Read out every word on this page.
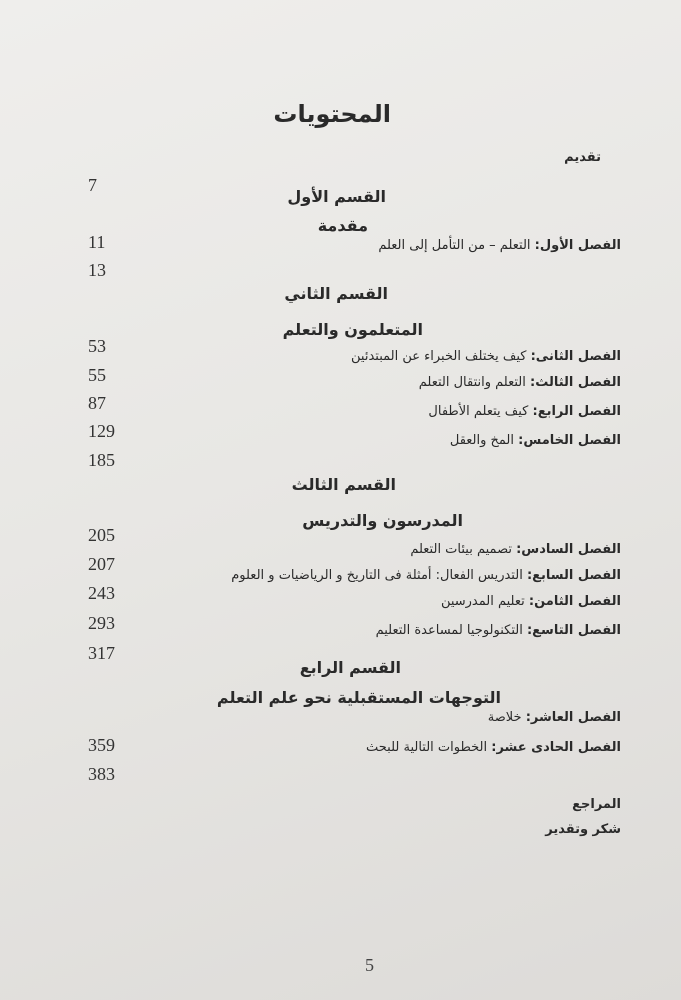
المحتويات
تقديم
القسم الأول
مقدمة
الفصل الأول: التعلم – من التأمل إلى العلم
القسم الثاني
المتعلمون والتعلم
الفصل الثانى: كيف يختلف الخبراء عن المبتدئين
الفصل الثالث: التعلم وانتقال التعلم
الفصل الرابع: كيف يتعلم الأطفال
الفصل الخامس: المخ والعقل
القسم الثالث
المدرسون والتدريس
الفصل السادس: تصميم بيئات التعلم
الفصل السابع: التدريس الفعال: أمثلة فى التاريخ و الرياضيات و العلوم
الفصل الثامن: تعليم المدرسين
الفصل التاسع: التكنولوجيا لمساعدة التعليم
القسم الرابع
التوجهات المستقبلية نحو علم التعلم
الفصل العاشر: خلاصة
الفصل الحادى عشر: الخطوات التالية للبحث
المراجع
شكر وتقدير
7
11
13
53
55
87
129
185
205
207
243
293
317
359
383
5
